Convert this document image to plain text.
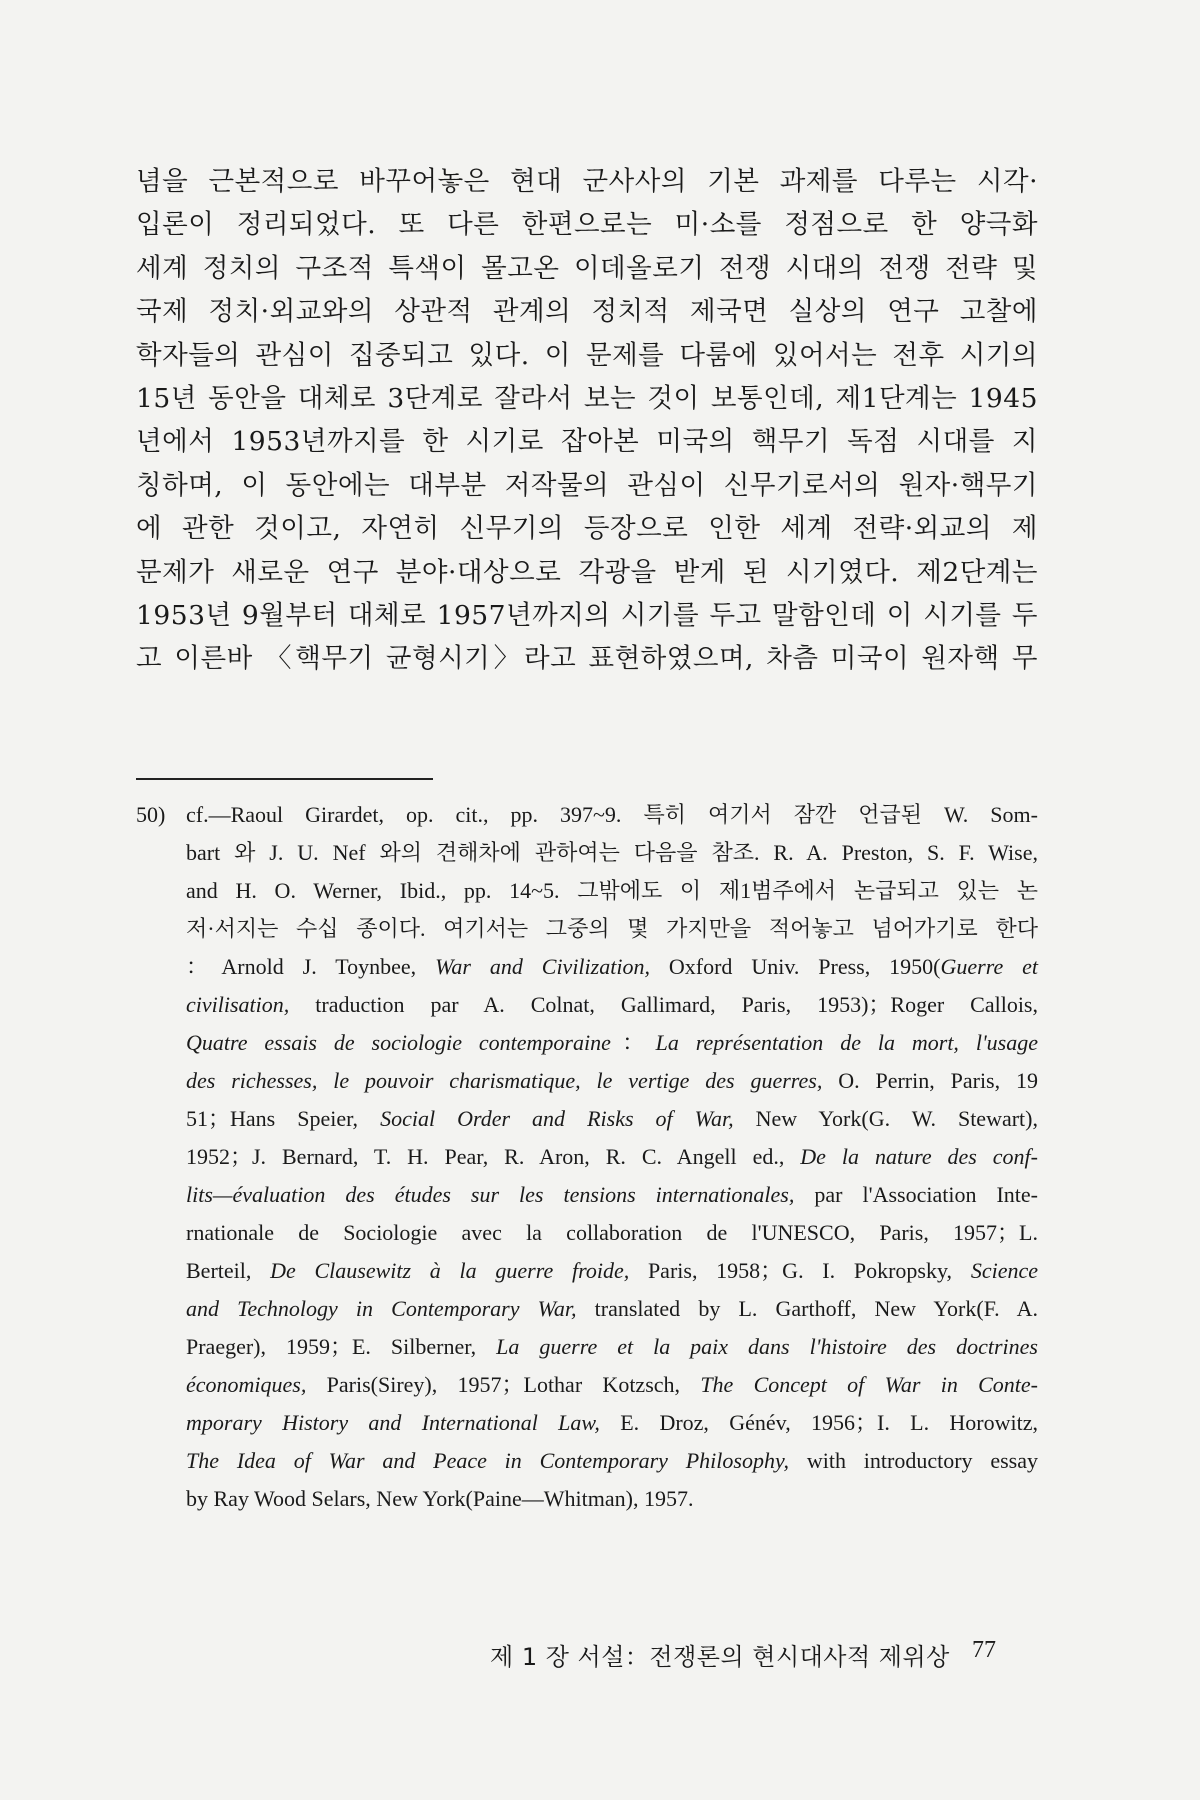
념을 근본적으로 바꾸어놓은 현대 군사사의 기본 과제를 다루는 시각·
입론이 정리되었다. 또 다른 한편으로는 미·소를 정점으로 한 양극화
세계 정치의 구조적 특색이 몰고온 이데올로기 전쟁 시대의 전쟁 전략 및
국제 정치·외교와의 상관적 관계의 정치적 제국면 실상의 연구 고찰에
학자들의 관심이 집중되고 있다. 이 문제를 다룸에 있어서는 전후 시기의
15년 동안을 대체로 3단계로 잘라서 보는 것이 보통인데, 제1단계는 1945
년에서 1953년까지를 한 시기로 잡아본 미국의 핵무기 독점 시대를 지
칭하며, 이 동안에는 대부분 저작물의 관심이 신무기로서의 원자·핵무기
에 관한 것이고, 자연히 신무기의 등장으로 인한 세계 전략·외교의 제
문제가 새로운 연구 분야·대상으로 각광을 받게 된 시기였다. 제2단계는
1953년 9월부터 대체로 1957년까지의 시기를 두고 말함인데 이 시기를 두
고 이른바 〈핵무기 균형시기〉라고 표현하였으며, 차츰 미국이 원자핵 무

50) cf.—Raoul Girardet, op. cit., pp. 397~9. 특히 여기서 잠깐 언급된 W. Som-
bart 와 J. U. Nef 와의 견해차에 관하여는 다음을 참조. R. A. Preston, S. F. Wise,
and H. O. Werner, Ibid., pp. 14~5. 그밖에도 이 제1범주에서 논급되고 있는 논
저·서지는 수십 종이다. 여기서는 그중의 몇 가지만을 적어놓고 넘어가기로 한다
：Arnold J. Toynbee, War and Civilization, Oxford Univ. Press, 1950(Guerre et
civilisation, traduction par A. Colnat, Gallimard, Paris, 1953)；Roger Callois,
Quatre essais de sociologie contemporaine：La représentation de la mort, l'usage
des richesses, le pouvoir charismatique, le vertige des guerres, O. Perrin, Paris, 19
51；Hans Speier, Social Order and Risks of War, New York(G. W. Stewart),
1952；J. Bernard, T. H. Pear, R. Aron, R. C. Angell ed., De la nature des conf-
lits—évaluation des études sur les tensions internationales, par l'Association Inte-
rnationale de Sociologie avec la collaboration de l'UNESCO, Paris, 1957；L.
Berteil, De Clausewitz à la guerre froide, Paris, 1958；G. I. Pokropsky, Science
and Technology in Contemporary War, translated by L. Garthoff, New York(F. A.
Praeger), 1959；E. Silberner, La guerre et la paix dans l'histoire des doctrines
économiques, Paris(Sirey), 1957；Lothar Kotzsch, The Concept of War in Conte-
mporary History and International Law, E. Droz, Génév, 1956；I. L. Horowitz,
The Idea of War and Peace in Contemporary Philosophy, with introductory essay
by Ray Wood Selars, New York(Paine—Whitman), 1957.
제 1 장 서설：전쟁론의 현시대사적 제위상 77
